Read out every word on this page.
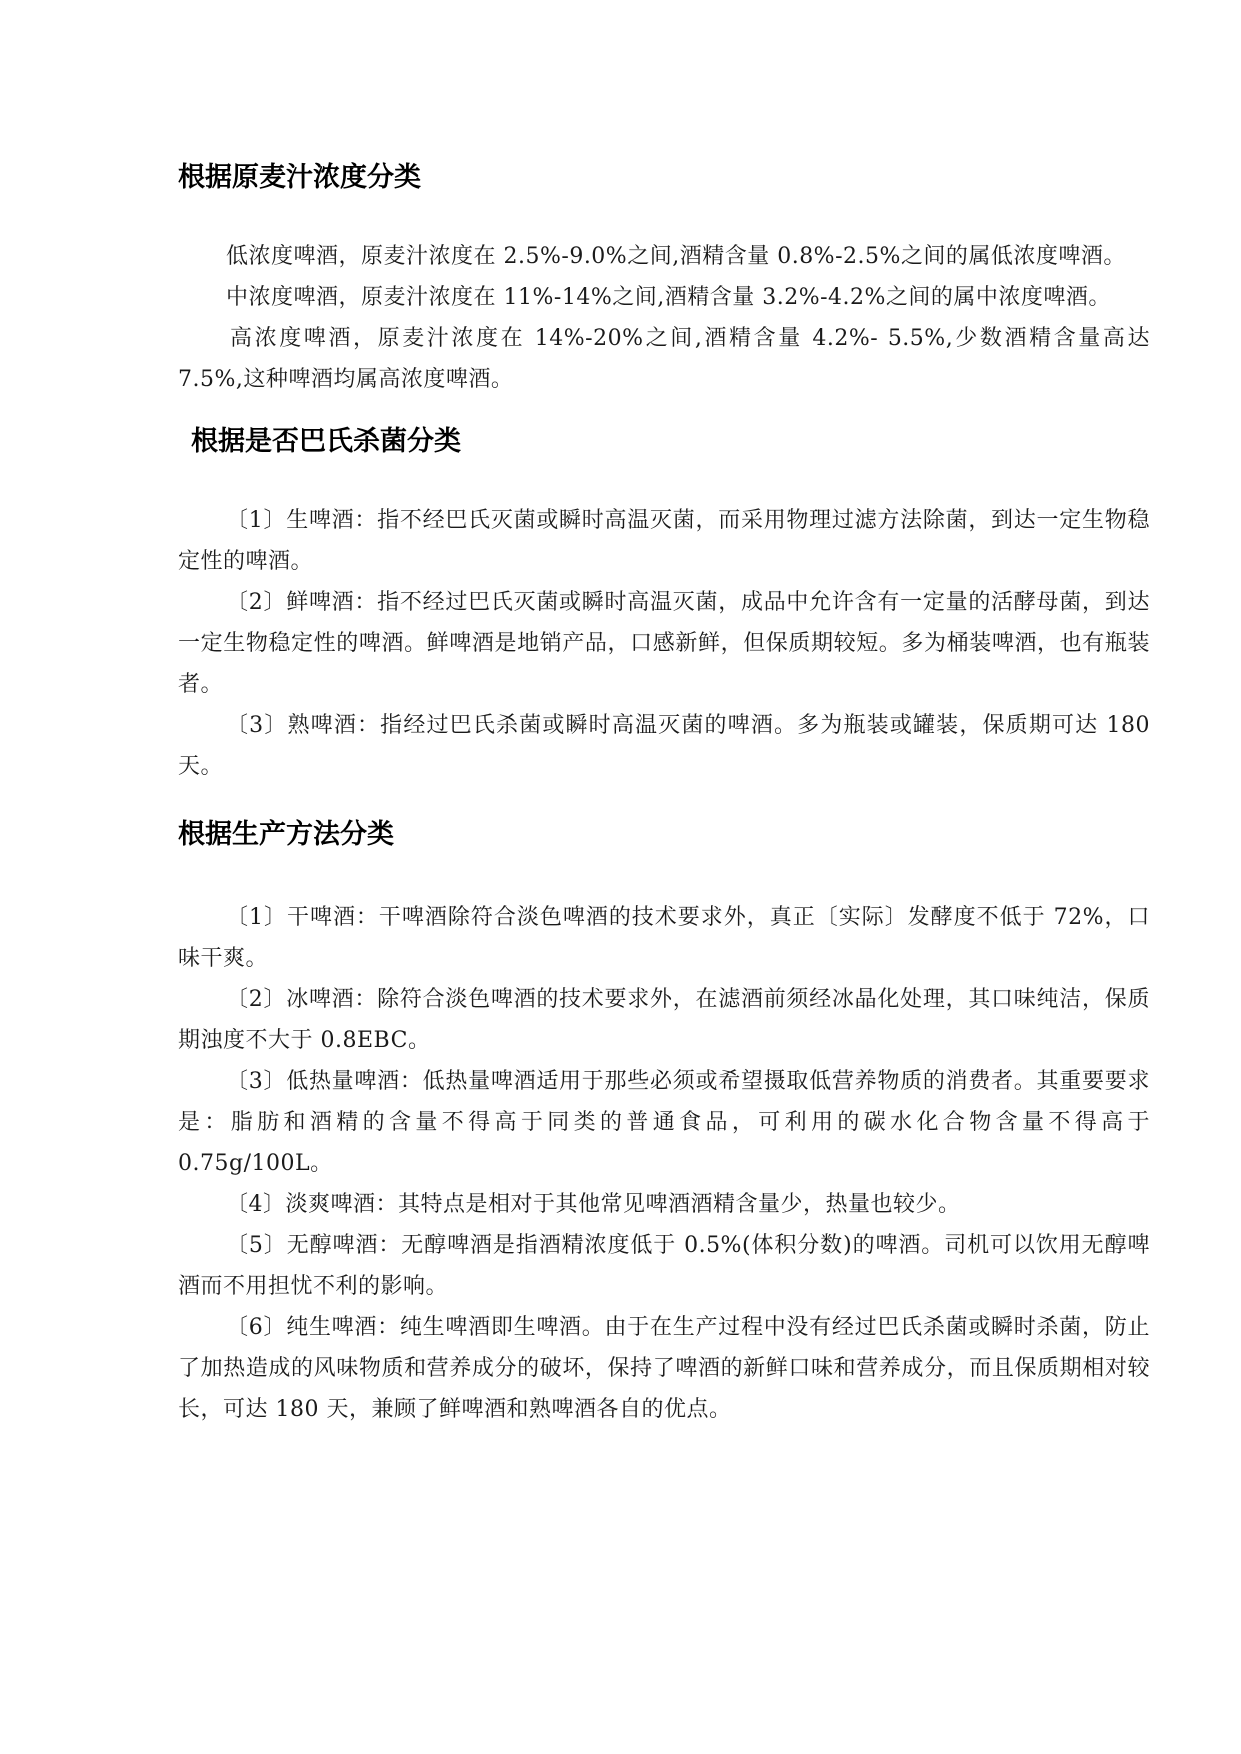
根据原麦汁浓度分类

低浓度啤酒，原麦汁浓度在 2.5%-9.0%之间,酒精含量 0.8%-2.5%之间的属低浓度啤酒。

中浓度啤酒，原麦汁浓度在 11%-14%之间,酒精含量 3.2%-4.2%之间的属中浓度啤酒。

高浓度啤酒，原麦汁浓度在 14%-20%之间,酒精含量 4.2%- 5.5%,少数酒精含量高达 7.5%,这种啤酒均属高浓度啤酒。

根据是否巴氏杀菌分类

〔1〕生啤酒：指不经巴氏灭菌或瞬时高温灭菌，而采用物理过滤方法除菌，到达一定生物稳定性的啤酒。

〔2〕鲜啤酒：指不经过巴氏灭菌或瞬时高温灭菌，成品中允许含有一定量的活酵母菌，到达一定生物稳定性的啤酒。鲜啤酒是地销产品，口感新鲜，但保质期较短。多为桶装啤酒，也有瓶装者。

〔3〕熟啤酒：指经过巴氏杀菌或瞬时高温灭菌的啤酒。多为瓶装或罐装，保质期可达 180 天。

根据生产方法分类

〔1〕干啤酒：干啤酒除符合淡色啤酒的技术要求外，真正〔实际〕发酵度不低于 72%，口味干爽。

〔2〕冰啤酒：除符合淡色啤酒的技术要求外，在滤酒前须经冰晶化处理，其口味纯洁，保质期浊度不大于 0.8EBC。

〔3〕低热量啤酒：低热量啤酒适用于那些必须或希望摄取低营养物质的消费者。其重要要求是：脂肪和酒精的含量不得高于同类的普通食品，可利用的碳水化合物含量不得高于 0.75g/100L。

〔4〕淡爽啤酒：其特点是相对于其他常见啤酒酒精含量少，热量也较少。

〔5〕无醇啤酒：无醇啤酒是指酒精浓度低于 0.5%(体积分数)的啤酒。司机可以饮用无醇啤酒而不用担忧不利的影响。

〔6〕纯生啤酒：纯生啤酒即生啤酒。由于在生产过程中没有经过巴氏杀菌或瞬时杀菌，防止了加热造成的风味物质和营养成分的破坏，保持了啤酒的新鲜口味和营养成分，而且保质期相对较长，可达 180 天，兼顾了鲜啤酒和熟啤酒各自的优点。
